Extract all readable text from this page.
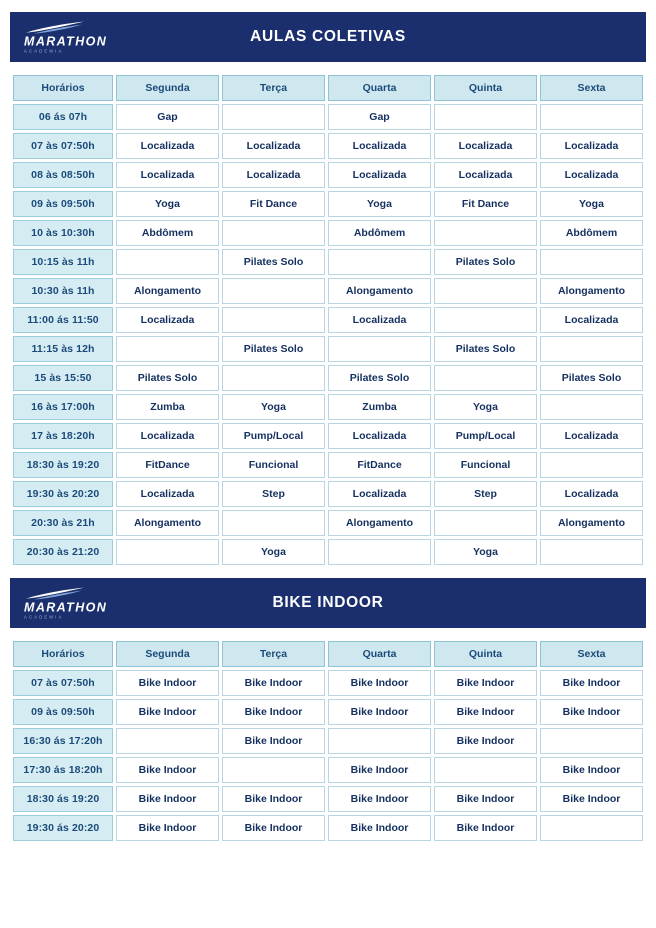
MARATHON
ACADEMIA
AULAS COLETIVAS
Horários	Segunda	Terça	Quarta	Quinta	Sexta
06 ás 07h	Gap		Gap		
07 às 07:50h	Localizada	Localizada	Localizada	Localizada	Localizada
08 às 08:50h	Localizada	Localizada	Localizada	Localizada	Localizada
09 às 09:50h	Yoga	Fit Dance	Yoga	Fit Dance	Yoga
10 às 10:30h	Abdômem		Abdômem		Abdômem
10:15 às 11h		Pilates Solo		Pilates Solo	
10:30 às 11h	Alongamento		Alongamento		Alongamento
11:00 ás 11:50	Localizada		Localizada		Localizada
11:15 às 12h		Pilates Solo		Pilates Solo	
15 às 15:50	Pilates Solo		Pilates Solo		Pilates Solo
16 às 17:00h	Zumba	Yoga	Zumba	Yoga	
17 às 18:20h	Localizada	Pump/Local	Localizada	Pump/Local	Localizada
18:30 às 19:20	FitDance	Funcional	FitDance	Funcional	
19:30 às 20:20	Localizada	Step	Localizada	Step	Localizada
20:30 às 21h	Alongamento		Alongamento		Alongamento
20:30 às 21:20		Yoga		Yoga	
MARATHON
ACADEMIA
BIKE INDOOR
Horários	Segunda	Terça	Quarta	Quinta	Sexta
07 às 07:50h	Bike Indoor	Bike Indoor	Bike Indoor	Bike Indoor	Bike Indoor
09 às 09:50h	Bike Indoor	Bike Indoor	Bike Indoor	Bike Indoor	Bike Indoor
16:30 ás 17:20h		Bike Indoor		Bike Indoor	
17:30 ás 18:20h	Bike Indoor		Bike Indoor		Bike Indoor
18:30 ás 19:20	Bike Indoor	Bike Indoor	Bike Indoor	Bike Indoor	Bike Indoor
19:30 ás 20:20	Bike Indoor	Bike Indoor	Bike Indoor	Bike Indoor	
